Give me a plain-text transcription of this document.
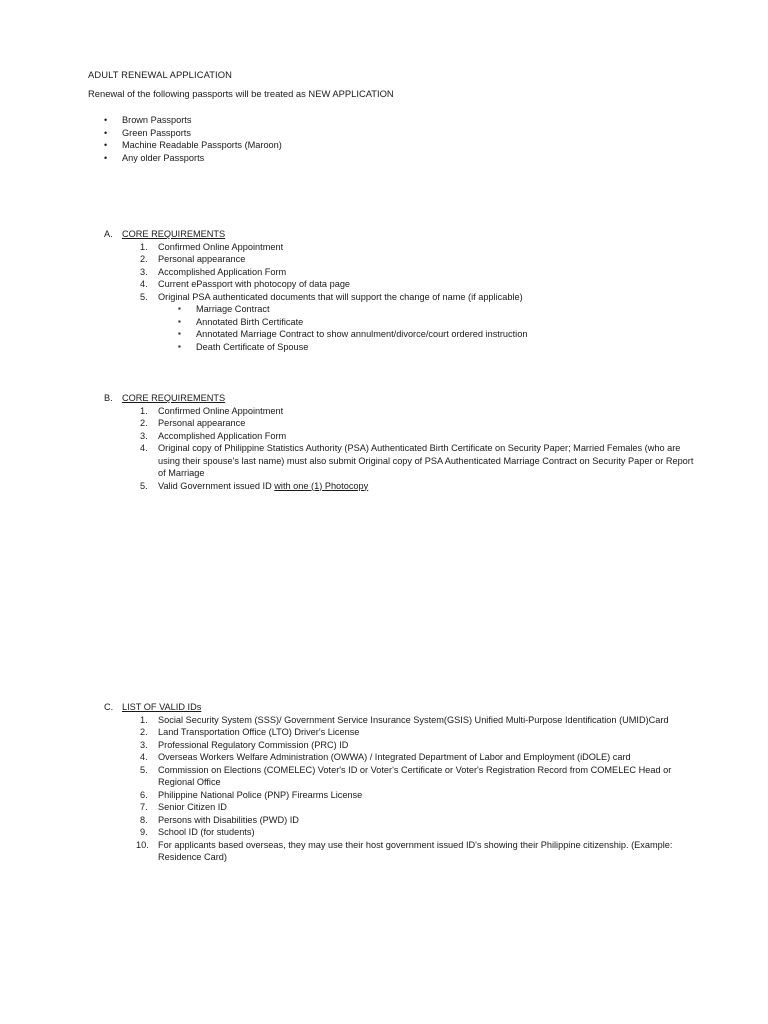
ADULT RENEWAL APPLICATION
Renewal of the following passports will be treated as NEW APPLICATION
• Brown Passports
• Green Passports
• Machine Readable Passports (Maroon)
• Any older Passports
A. CORE REQUIREMENTS
1.	Confirmed Online Appointment
2.	Personal appearance
3.	Accomplished Application Form
4.	Current ePassport with photocopy of data page
5.	Original PSA authenticated documents that will support the change of name (if applicable)
▪ Marriage Contract
▪ Annotated Birth Certificate
▪ Annotated Marriage Contract to show annulment/divorce/court ordered instruction
▪ Death Certificate of Spouse
B. CORE REQUIREMENTS
1.	Confirmed Online Appointment
2.	Personal appearance
3.	Accomplished Application Form
4.	Original copy of Philippine Statistics Authority (PSA) Authenticated Birth Certificate on Security Paper; Married Females (who are using their spouse's last name) must also submit Original copy of PSA Authenticated Marriage Contract on Security Paper or Report of Marriage
5.	Valid Government issued ID with one (1) Photocopy
C. LIST OF VALID IDs
1.	Social Security System (SSS)/ Government Service Insurance System(GSIS) Unified Multi-Purpose Identification (UMID)Card
2.	Land Transportation Office (LTO) Driver's License
3.	Professional Regulatory Commission (PRC) ID
4.	Overseas Workers Welfare Administration (OWWA) / Integrated Department of Labor and Employment (iDOLE) card
5.	Commission on Elections (COMELEC) Voter's ID or Voter's Certificate or Voter's Registration Record from COMELEC Head or Regional Office
6.	Philippine National Police (PNP) Firearms License
7.	Senior Citizen ID
8.	Persons with Disabilities (PWD) ID
9.	School ID (for students)
10.	For applicants based overseas, they may use their host government issued ID's showing their Philippine citizenship. (Example: Residence Card)
